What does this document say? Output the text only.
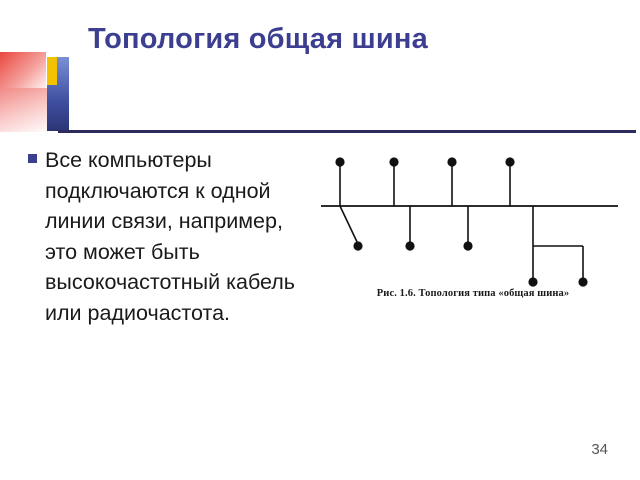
Топология общая шина
Все компьютеры подключаются к одной линии связи, например, это может быть высокочастотный кабель или радиочастота.
Рис. 1.6. Топология типа «общая шина»
34
